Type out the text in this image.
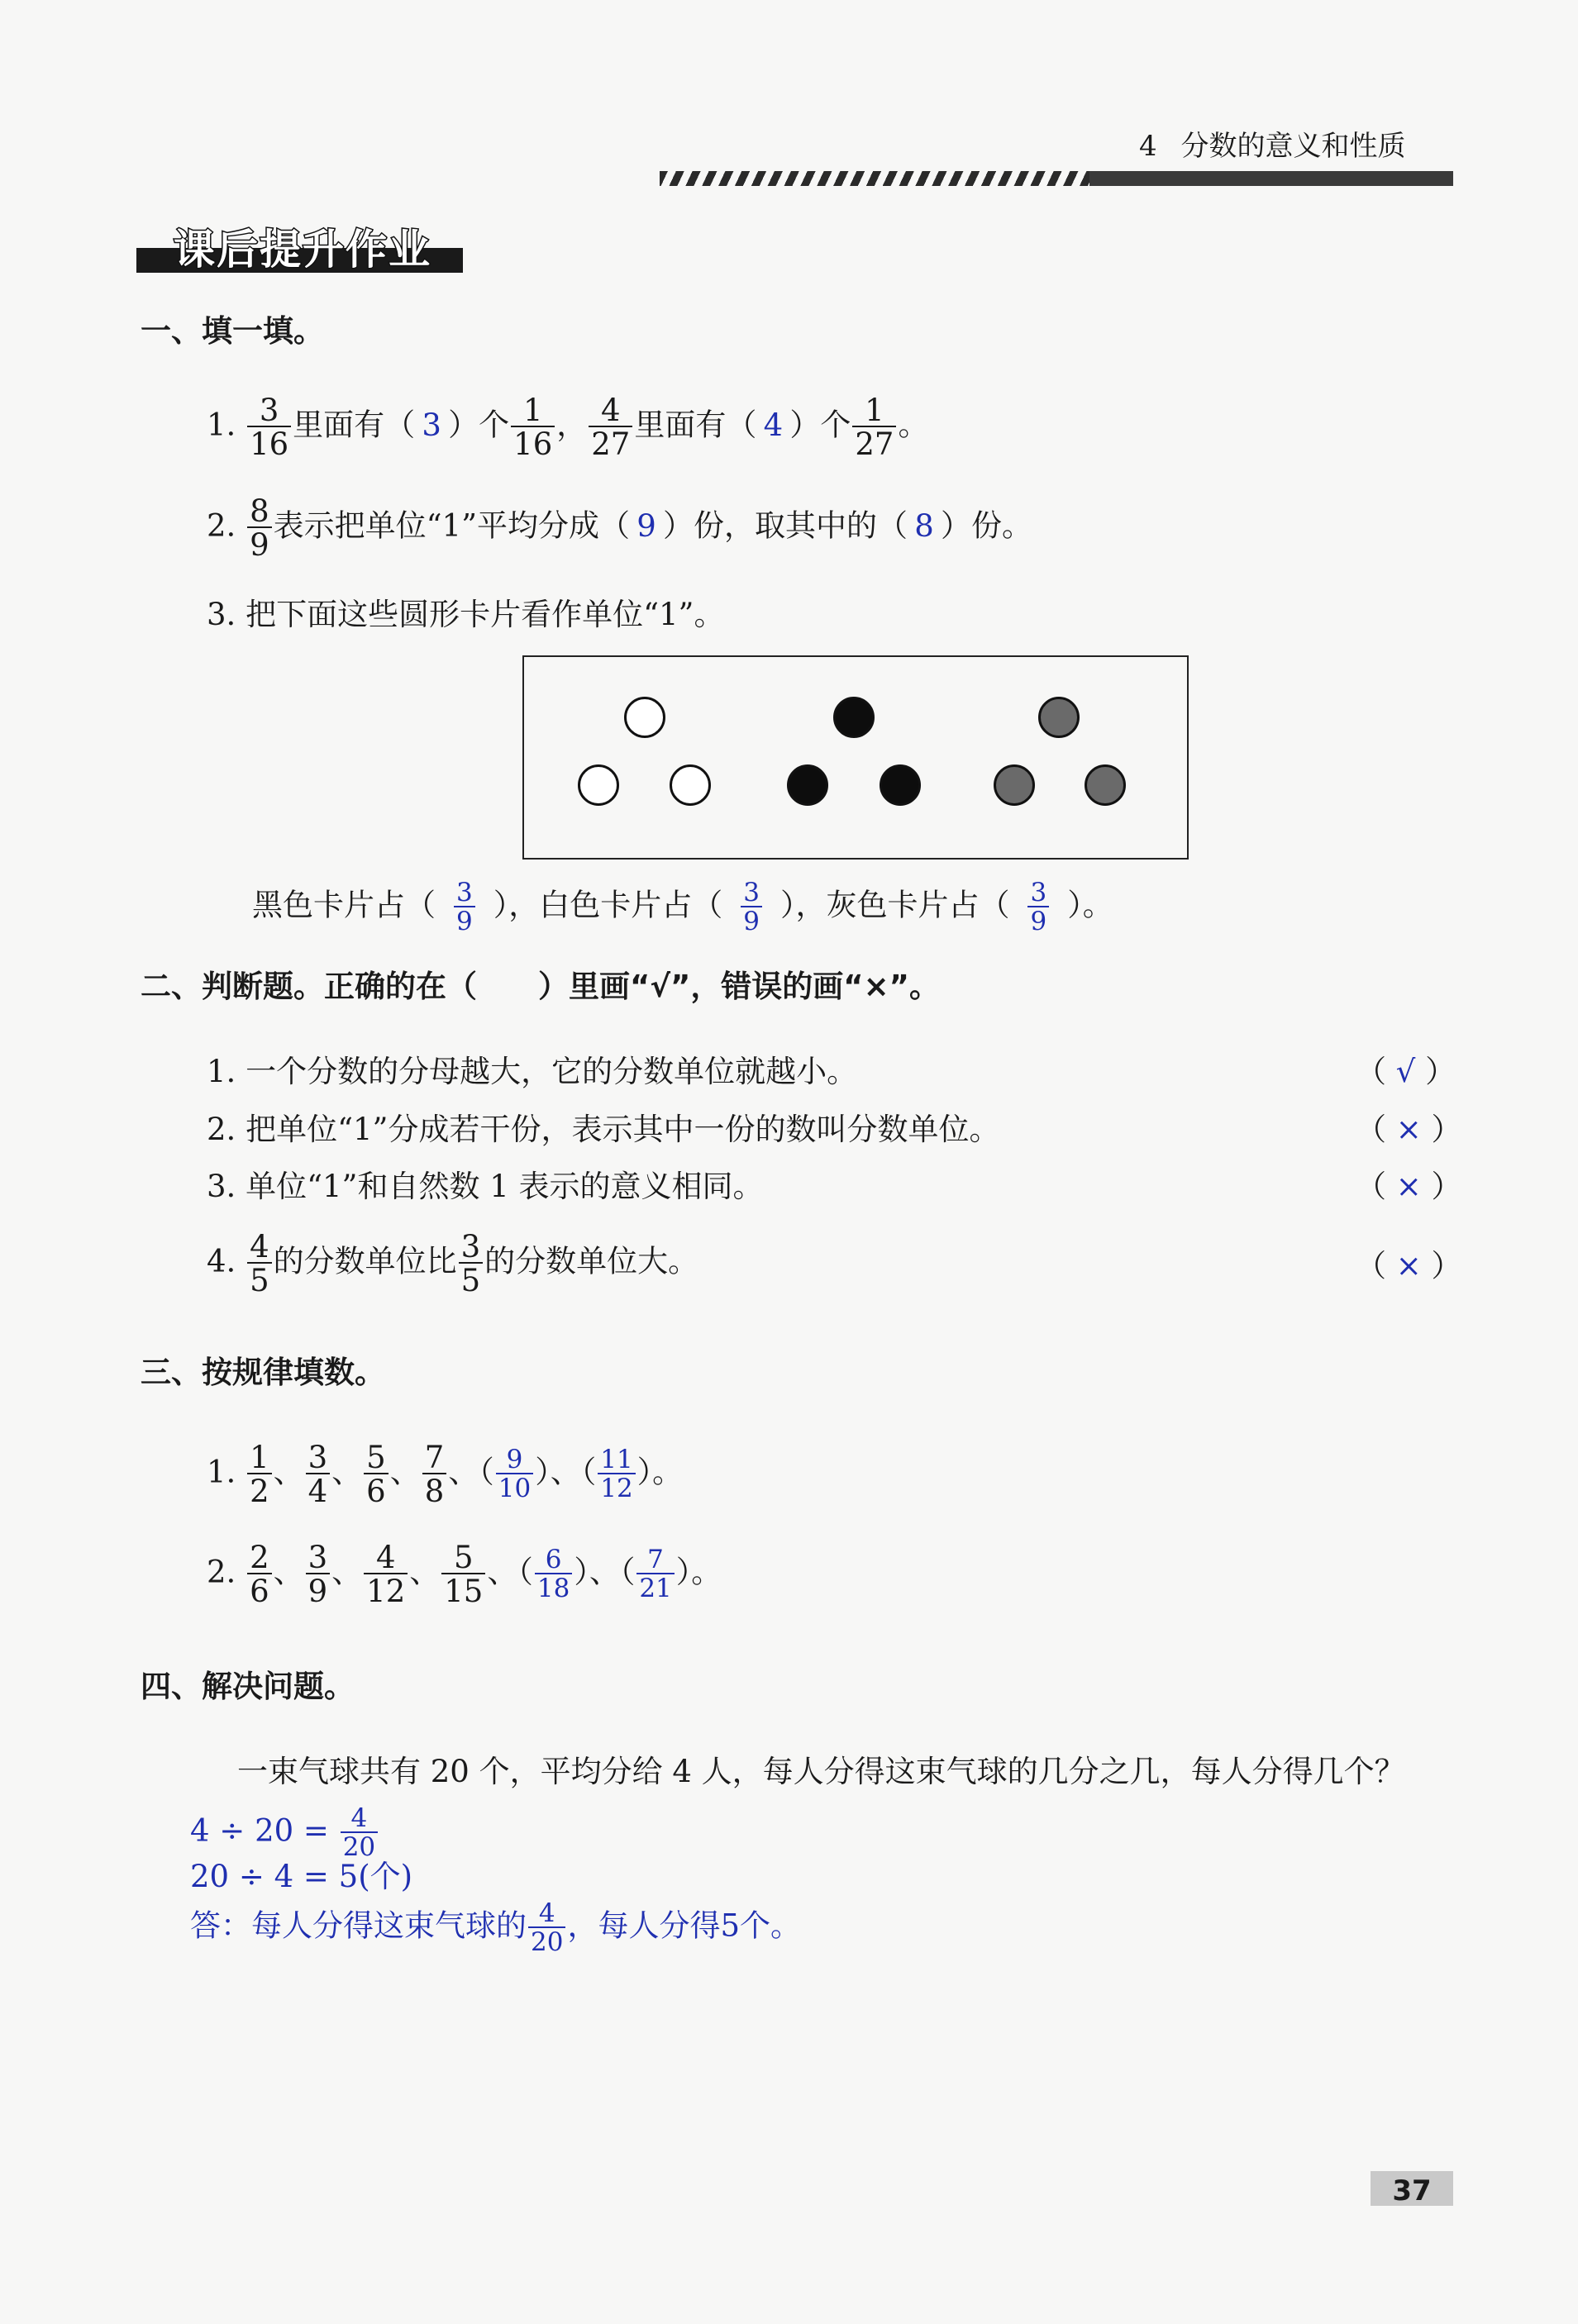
4 分数的意义和性质
课后提升作业
一、填一填。
1. $\frac{3}{16}$ 里面有（ 3 ）个 $\frac{1}{16}$ ， $\frac{4}{27}$ 里面有（ 4 ）个 $\frac{1}{27}$ 。
2. $\frac{8}{9}$ 表示把单位“1”平均分成（ 9 ）份，取其中的（ 8 ）份。
3. 把下面这些圆形卡片看作单位“1”。
黑色卡片占（ $\frac{3}{9}$ ），白色卡片占（ $\frac{3}{9}$ ），灰色卡片占（ $\frac{3}{9}$ ）。
二、判断题。正确的在（　　）里画“√”，错误的画“×”。
1. 一个分数的分母越大，它的分数单位就越小。	（ √ ）
2. 把单位“1”分成若干份，表示其中一份的数叫分数单位。	（ × ）
3. 单位“1”和自然数 1 表示的意义相同。	（ × ）
4. $\frac{4}{5}$ 的分数单位比 $\frac{3}{5}$ 的分数单位大。	（ × ）
三、按规律填数。
1. $\frac{1}{2}$ 、 $\frac{3}{4}$ 、 $\frac{5}{6}$ 、 $\frac{7}{8}$ 、（ $\frac{9}{10}$ ）、（ $\frac{11}{12}$ ）。
2. $\frac{2}{6}$ 、 $\frac{3}{9}$ 、 $\frac{4}{12}$ 、 $\frac{5}{15}$ 、（ $\frac{6}{18}$ ）、（ $\frac{7}{21}$ ）。
四、解决问题。
一束气球共有 20 个，平均分给 4 人，每人分得这束气球的几分之几，每人分得几个？
$4 \div 20 = \frac{4}{20}$
20 ÷ 4 = 5(个)
答：每人分得这束气球的 $\frac{4}{20}$ ，每人分得5个。
37
